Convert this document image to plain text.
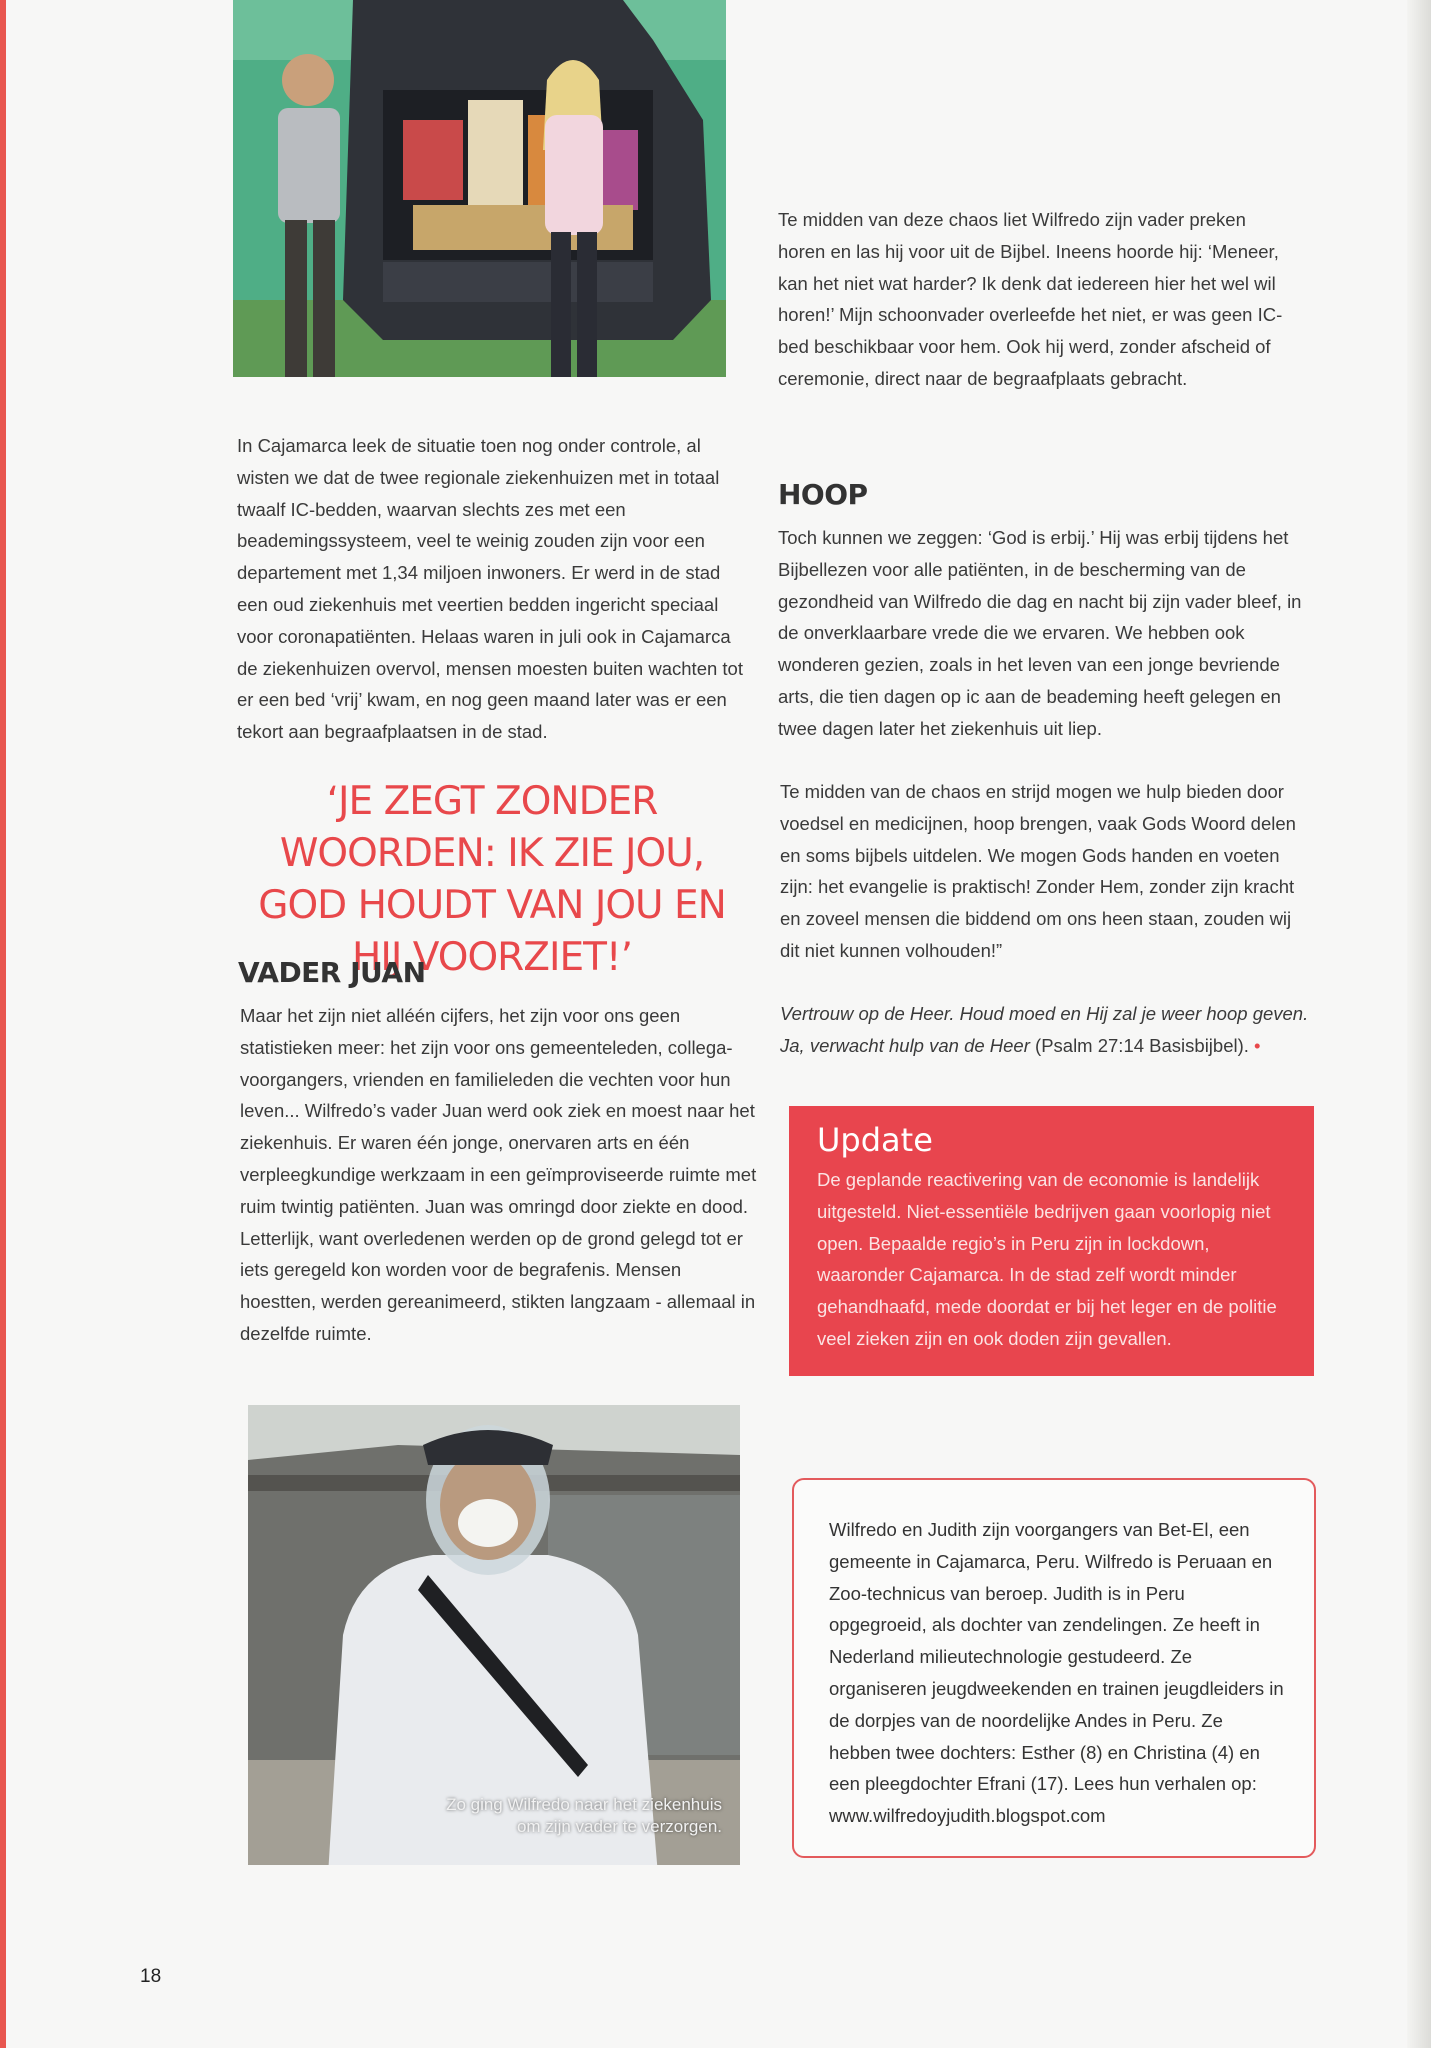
In Cajamarca leek de situatie toen nog onder controle, al wisten we dat de twee regionale ziekenhuizen met in totaal twaalf IC-bedden, waarvan slechts zes met een beademingssysteem, veel te weinig zouden zijn voor een departement met 1,34 miljoen inwoners. Er werd in de stad een oud ziekenhuis met veertien bedden ingericht speciaal voor coronapatiënten. Helaas waren in juli ook in Cajamarca de ziekenhuizen overvol, mensen moesten buiten wachten tot er een bed ‘vrij’ kwam, en nog geen maand later was er een tekort aan begraafplaatsen in de stad.

‘JE ZEGT ZONDER WOORDEN: IK ZIE JOU, GOD HOUDT VAN JOU EN HIJ VOORZIET!’
VADER JUAN

Maar het zijn niet alléén cijfers, het zijn voor ons geen statistieken meer: het zijn voor ons gemeenteleden, collega-voorgangers, vrienden en familieleden die vechten voor hun leven... Wilfredo’s vader Juan werd ook ziek en moest naar het ziekenhuis. Er waren één jonge, onervaren arts en één verpleegkundige werkzaam in een geïmproviseerde ruimte met ruim twintig patiënten. Juan was omringd door ziekte en dood. Letterlijk, want overledenen werden op de grond gelegd tot er iets geregeld kon worden voor de begrafenis. Mensen hoestten, werden gereanimeerd, stikten langzaam - allemaal in dezelfde ruimte.

Te midden van deze chaos liet Wilfredo zijn vader preken horen en las hij voor uit de Bijbel. Ineens hoorde hij: ‘Meneer, kan het niet wat harder? Ik denk dat iedereen hier het wel wil horen!’ Mijn schoonvader overleefde het niet, er was geen IC-bed beschikbaar voor hem. Ook hij werd, zonder afscheid of ceremonie, direct naar de begraafplaats gebracht.

HOOP

Toch kunnen we zeggen: ‘God is erbij.’ Hij was erbij tijdens het Bijbellezen voor alle patiënten, in de bescherming van de gezondheid van Wilfredo die dag en nacht bij zijn vader bleef, in de onverklaarbare vrede die we ervaren. We hebben ook wonderen gezien, zoals in het leven van een jonge bevriende arts, die tien dagen op ic aan de beademing heeft gelegen en twee dagen later het ziekenhuis uit liep.

Te midden van de chaos en strijd mogen we hulp bieden door voedsel en medicijnen, hoop brengen, vaak Gods Woord delen en soms bijbels uitdelen. We mogen Gods handen en voeten zijn: het evangelie is praktisch! Zonder Hem, zonder zijn kracht en zoveel mensen die biddend om ons heen staan, zouden wij dit niet kunnen volhouden!”

Vertrouw op de Heer. Houd moed en Hij zal je weer hoop geven. Ja, verwacht hulp van de Heer (Psalm 27:14 Basisbijbel). •

Update

De geplande reactivering van de economie is landelijk uitgesteld. Niet-essentiële bedrijven gaan voorlopig niet open. Bepaalde regio’s in Peru zijn in lockdown, waaronder Cajamarca. In de stad zelf wordt minder gehandhaafd, mede doordat er bij het leger en de politie veel zieken zijn en ook doden zijn gevallen.

Zo ging Wilfredo naar het ziekenhuis
om zijn vader te verzorgen.
Wilfredo en Judith zijn voorgangers van Bet-El, een gemeente in Cajamarca, Peru. Wilfredo is Peruaan en Zoo-technicus van beroep. Judith is in Peru opgegroeid, als dochter van zendelingen. Ze heeft in Nederland milieutechnologie gestudeerd. Ze organiseren jeugdweekenden en trainen jeugdleiders in de dorpjes van de noordelijke Andes in Peru. Ze hebben twee dochters: Esther (8) en Christina (4) en een pleegdochter Efrani (17). Lees hun verhalen op: www.wilfredoyjudith.blogspot.com
18
